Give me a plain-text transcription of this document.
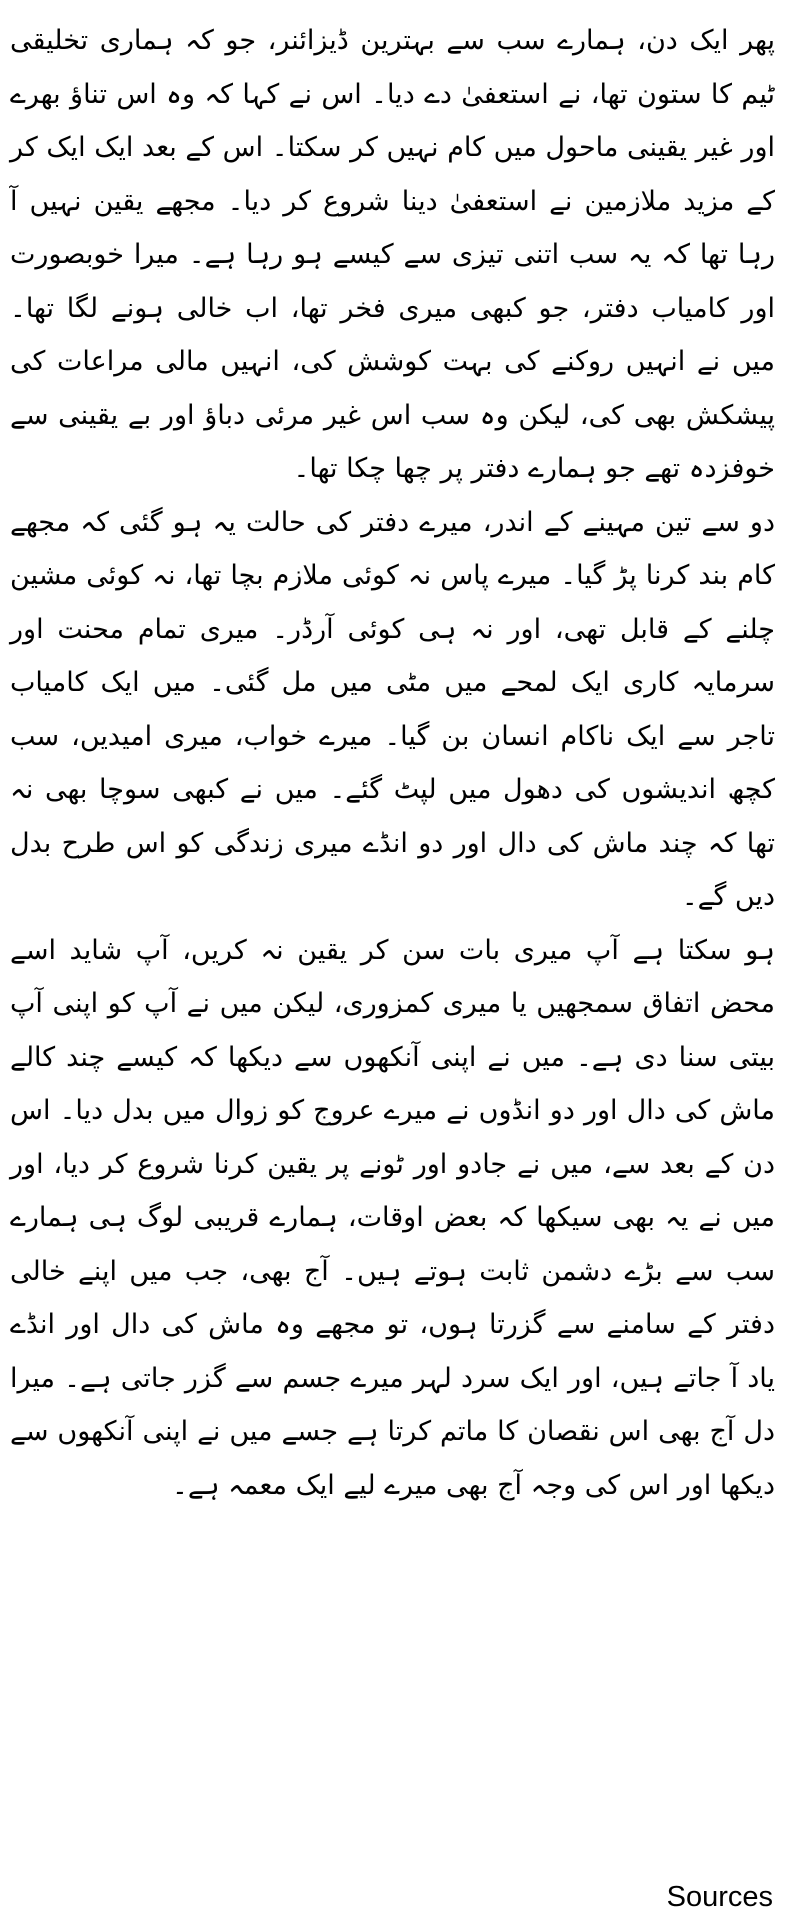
پھر ایک دن، ہمارے سب سے بہترین ڈیزائنر، جو کہ ہماری تخلیقی ٹیم کا ستون تھا، نے استعفیٰ دے دیا۔ اس نے کہا کہ وہ اس تناؤ بھرے اور غیر یقینی ماحول میں کام نہیں کر سکتا۔ اس کے بعد ایک ایک کر کے مزید ملازمین نے استعفیٰ دینا شروع کر دیا۔ مجھے یقین نہیں آ رہا تھا کہ یہ سب اتنی تیزی سے کیسے ہو رہا ہے۔ میرا خوبصورت اور کامیاب دفتر، جو کبھی میری فخر تھا، اب خالی ہونے لگا تھا۔ میں نے انہیں روکنے کی بہت کوشش کی، انہیں مالی مراعات کی پیشکش بھی کی، لیکن وہ سب اس غیر مرئی دباؤ اور بے یقینی سے خوفزدہ تھے جو ہمارے دفتر پر چھا چکا تھا۔

دو سے تین مہینے کے اندر، میرے دفتر کی حالت یہ ہو گئی کہ مجھے کام بند کرنا پڑ گیا۔ میرے پاس نہ کوئی ملازم بچا تھا، نہ کوئی مشین چلنے کے قابل تھی، اور نہ ہی کوئی آرڈر۔ میری تمام محنت اور سرمایہ کاری ایک لمحے میں مٹی میں مل گئی۔ میں ایک کامیاب تاجر سے ایک ناکام انسان بن گیا۔ میرے خواب، میری امیدیں، سب کچھ اندیشوں کی دھول میں لپٹ گئے۔ میں نے کبھی سوچا بھی نہ تھا کہ چند ماش کی دال اور دو انڈے میری زندگی کو اس طرح بدل دیں گے۔

ہو سکتا ہے آپ میری بات سن کر یقین نہ کریں، آپ شاید اسے محض اتفاق سمجھیں یا میری کمزوری، لیکن میں نے آپ کو اپنی آپ بیتی سنا دی ہے۔ میں نے اپنی آنکھوں سے دیکھا کہ کیسے چند کالے ماش کی دال اور دو انڈوں نے میرے عروج کو زوال میں بدل دیا۔ اس دن کے بعد سے، میں نے جادو اور ٹونے پر یقین کرنا شروع کر دیا، اور میں نے یہ بھی سیکھا کہ بعض اوقات، ہمارے قریبی لوگ ہی ہمارے سب سے بڑے دشمن ثابت ہوتے ہیں۔ آج بھی، جب میں اپنے خالی دفتر کے سامنے سے گزرتا ہوں، تو مجھے وہ ماش کی دال اور انڈے یاد آ جاتے ہیں، اور ایک سرد لہر میرے جسم سے گزر جاتی ہے۔ میرا دل آج بھی اس نقصان کا ماتم کرتا ہے جسے میں نے اپنی آنکھوں سے دیکھا اور اس کی وجہ آج بھی میرے لیے ایک معمہ ہے۔

Sources
